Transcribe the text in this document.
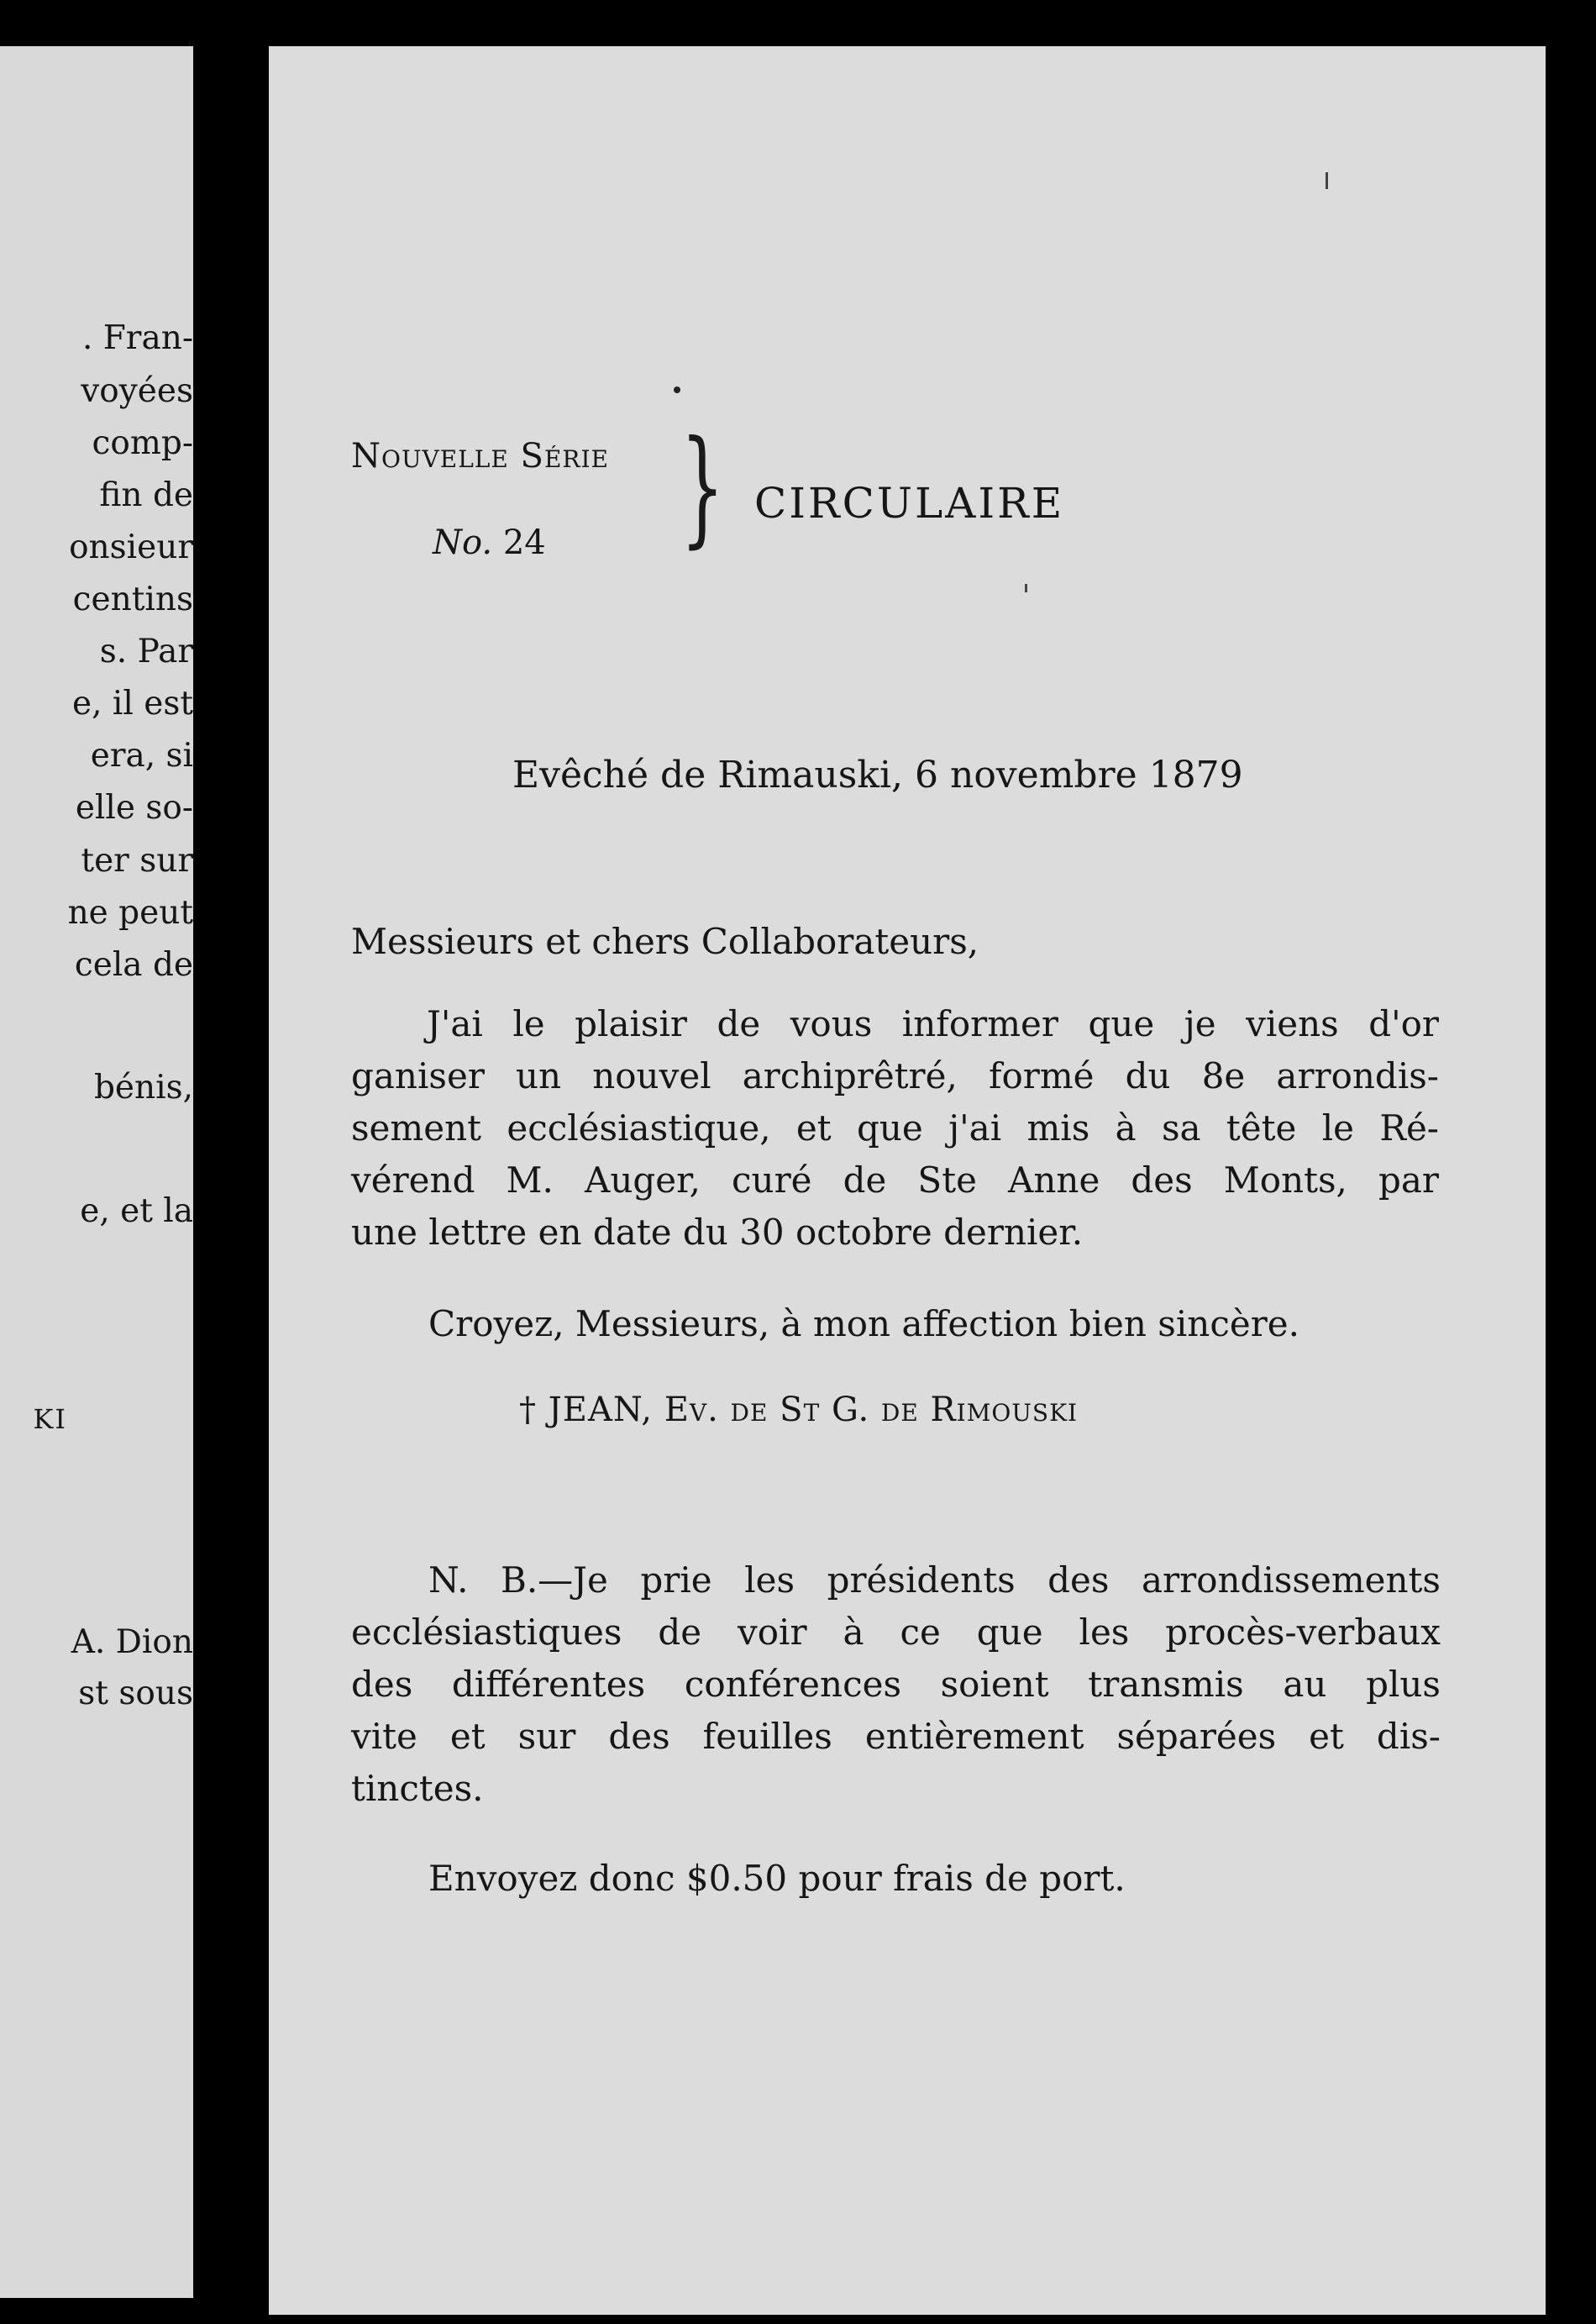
. Fran-
voyées
comp-
fin de
onsieur
centins
s. Par
e, il est
era, si
elle so-
ter sur
ne peut
cela de
bénis,
e, et la
KI
A. Dion
st sous
Nouvelle Série
No. 24 } CIRCULAIRE
Evêché de Rimauski, 6 novembre 1879
Messieurs et chers Collaborateurs,
J'ai le plaisir de vous informer que je viens d'or
ganiser un nouvel archiprêtré, formé du 8e arrondis-
sement ecclésiastique, et que j'ai mis à sa tête le Ré-
vérend M. Auger, curé de Ste Anne des Monts, par
une lettre en date du 30 octobre dernier.
Croyez, Messieurs, à mon affection bien sincère.
† JEAN, Ev. de St G. de Rimouski
N. B.—Je prie les présidents des arrondissements
ecclésiastiques de voir à ce que les procès-verbaux
des différentes conférences soient transmis au plus
vite et sur des feuilles entièrement séparées et dis-
tinctes.
Envoyez donc $0.50 pour frais de port.
